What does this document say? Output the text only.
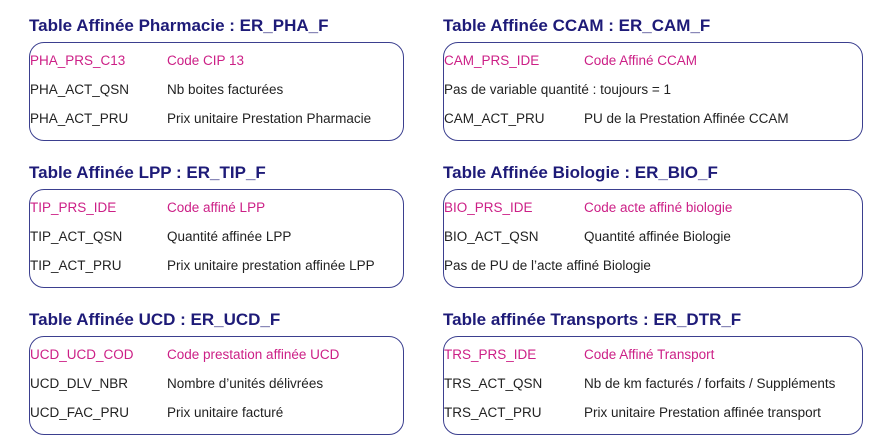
Table Affinée Pharmacie : ER_PHA_F
PHA_PRS_C13	Code CIP 13
PHA_ACT_QSN	Nb boites facturées
PHA_ACT_PRU	Prix unitaire Prestation Pharmacie
Table Affinée CCAM : ER_CAM_F
CAM_PRS_IDE	Code Affiné CCAM
Pas de variable quantité : toujours = 1
CAM_ACT_PRU	PU de la Prestation Affinée CCAM
Table Affinée LPP : ER_TIP_F
TIP_PRS_IDE	Code affiné LPP
TIP_ACT_QSN	Quantité affinée LPP
TIP_ACT_PRU	Prix unitaire prestation affinée LPP
Table Affinée Biologie : ER_BIO_F
BIO_PRS_IDE	Code acte affiné biologie
BIO_ACT_QSN	Quantité affinée Biologie
Pas de PU de l’acte affiné Biologie
Table Affinée UCD : ER_UCD_F
UCD_UCD_COD Code prestation affinée UCD
UCD_DLV_NBR	Nombre d’unités délivrées
UCD_FAC_PRU	Prix unitaire facturé
Table affinée Transports : ER_DTR_F
TRS_PRS_IDE	Code Affiné Transport
TRS_ACT_QSN	Nb de km facturés / forfaits / Suppléments
TRS_ACT_PRU	Prix unitaire Prestation affinée transport
